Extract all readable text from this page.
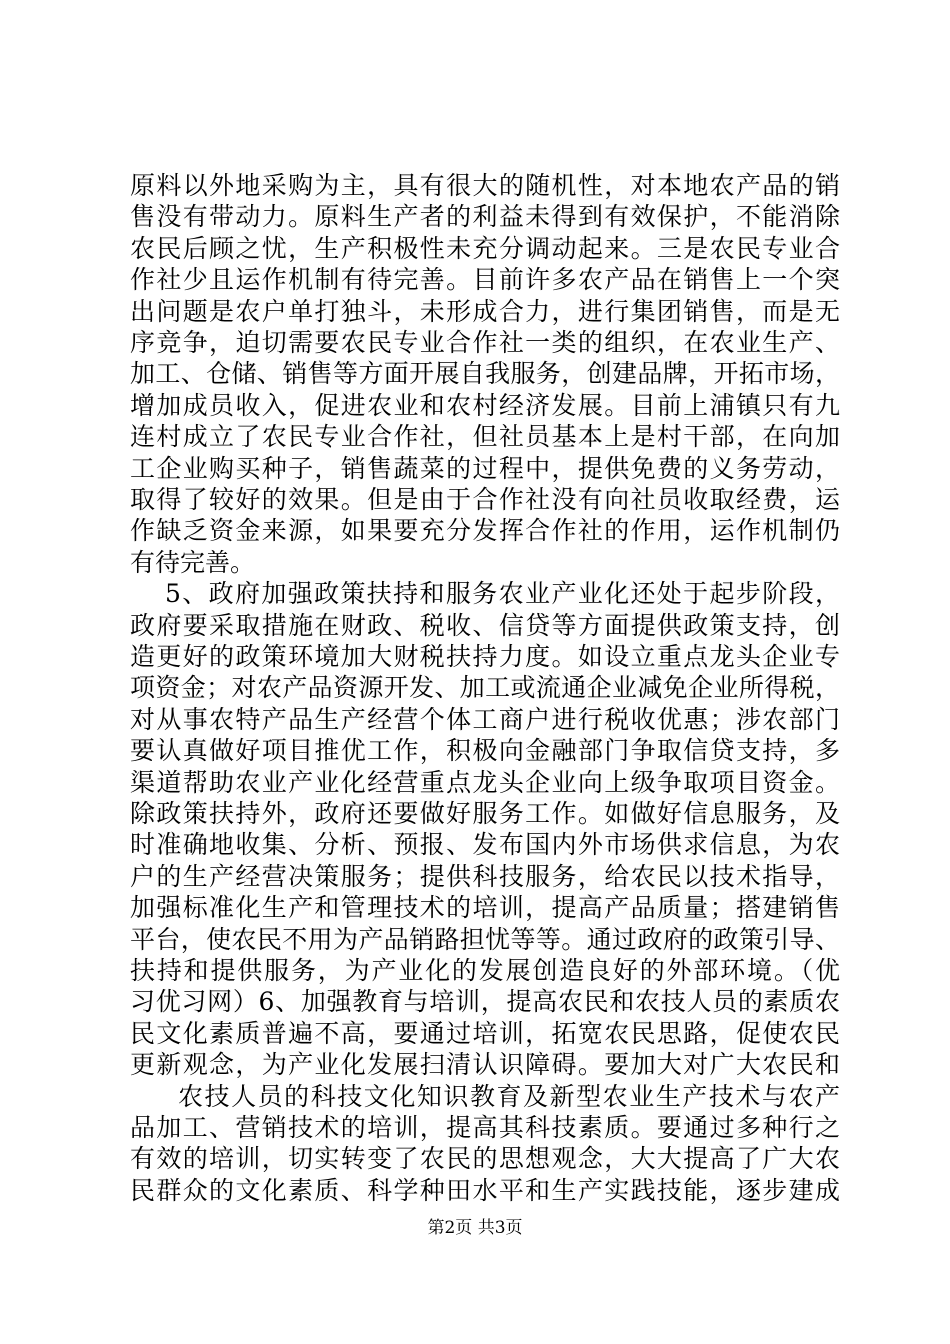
原料以外地采购为主，具有很大的随机性，对本地农产品的销
售没有带动力。原料生产者的利益未得到有效保护，不能消除
农民后顾之忧，生产积极性未充分调动起来。三是农民专业合
作社少且运作机制有待完善。目前许多农产品在销售上一个突
出问题是农户单打独斗，未形成合力，进行集团销售，而是无
序竞争，迫切需要农民专业合作社一类的组织，在农业生产、
加工、仓储、销售等方面开展自我服务，创建品牌，开拓市场，
增加成员收入，促进农业和农村经济发展。目前上浦镇只有九
连村成立了农民专业合作社，但社员基本上是村干部，在向加
工企业购买种子，销售蔬菜的过程中，提供免费的义务劳动，
取得了较好的效果。但是由于合作社没有向社员收取经费，运
作缺乏资金来源，如果要充分发挥合作社的作用，运作机制仍
有待完善。
5、政府加强政策扶持和服务农业产业化还处于起步阶段，
政府要采取措施在财政、税收、信贷等方面提供政策支持，创
造更好的政策环境加大财税扶持力度。如设立重点龙头企业专
项资金；对农产品资源开发、加工或流通企业减免企业所得税，
对从事农特产品生产经营个体工商户进行税收优惠；涉农部门
要认真做好项目推优工作，积极向金融部门争取信贷支持，多
渠道帮助农业产业化经营重点龙头企业向上级争取项目资金。
除政策扶持外，政府还要做好服务工作。如做好信息服务，及
时准确地收集、分析、预报、发布国内外市场供求信息，为农
户的生产经营决策服务；提供科技服务，给农民以技术指导，
加强标准化生产和管理技术的培训，提高产品质量；搭建销售
平台，使农民不用为产品销路担忧等等。通过政府的政策引导、
扶持和提供服务，为产业化的发展创造良好的外部环境。（优
习优习网）6、加强教育与培训，提高农民和农技人员的素质农
民文化素质普遍不高，要通过培训，拓宽农民思路，促使农民
更新观念，为产业化发展扫清认识障碍。要加大对广大农民和
农技人员的科技文化知识教育及新型农业生产技术与农产
品加工、营销技术的培训，提高其科技素质。要通过多种行之
有效的培训，切实转变了农民的思想观念，大大提高了广大农
民群众的文化素质、科学种田水平和生产实践技能，逐步建成
第2页 共3页
